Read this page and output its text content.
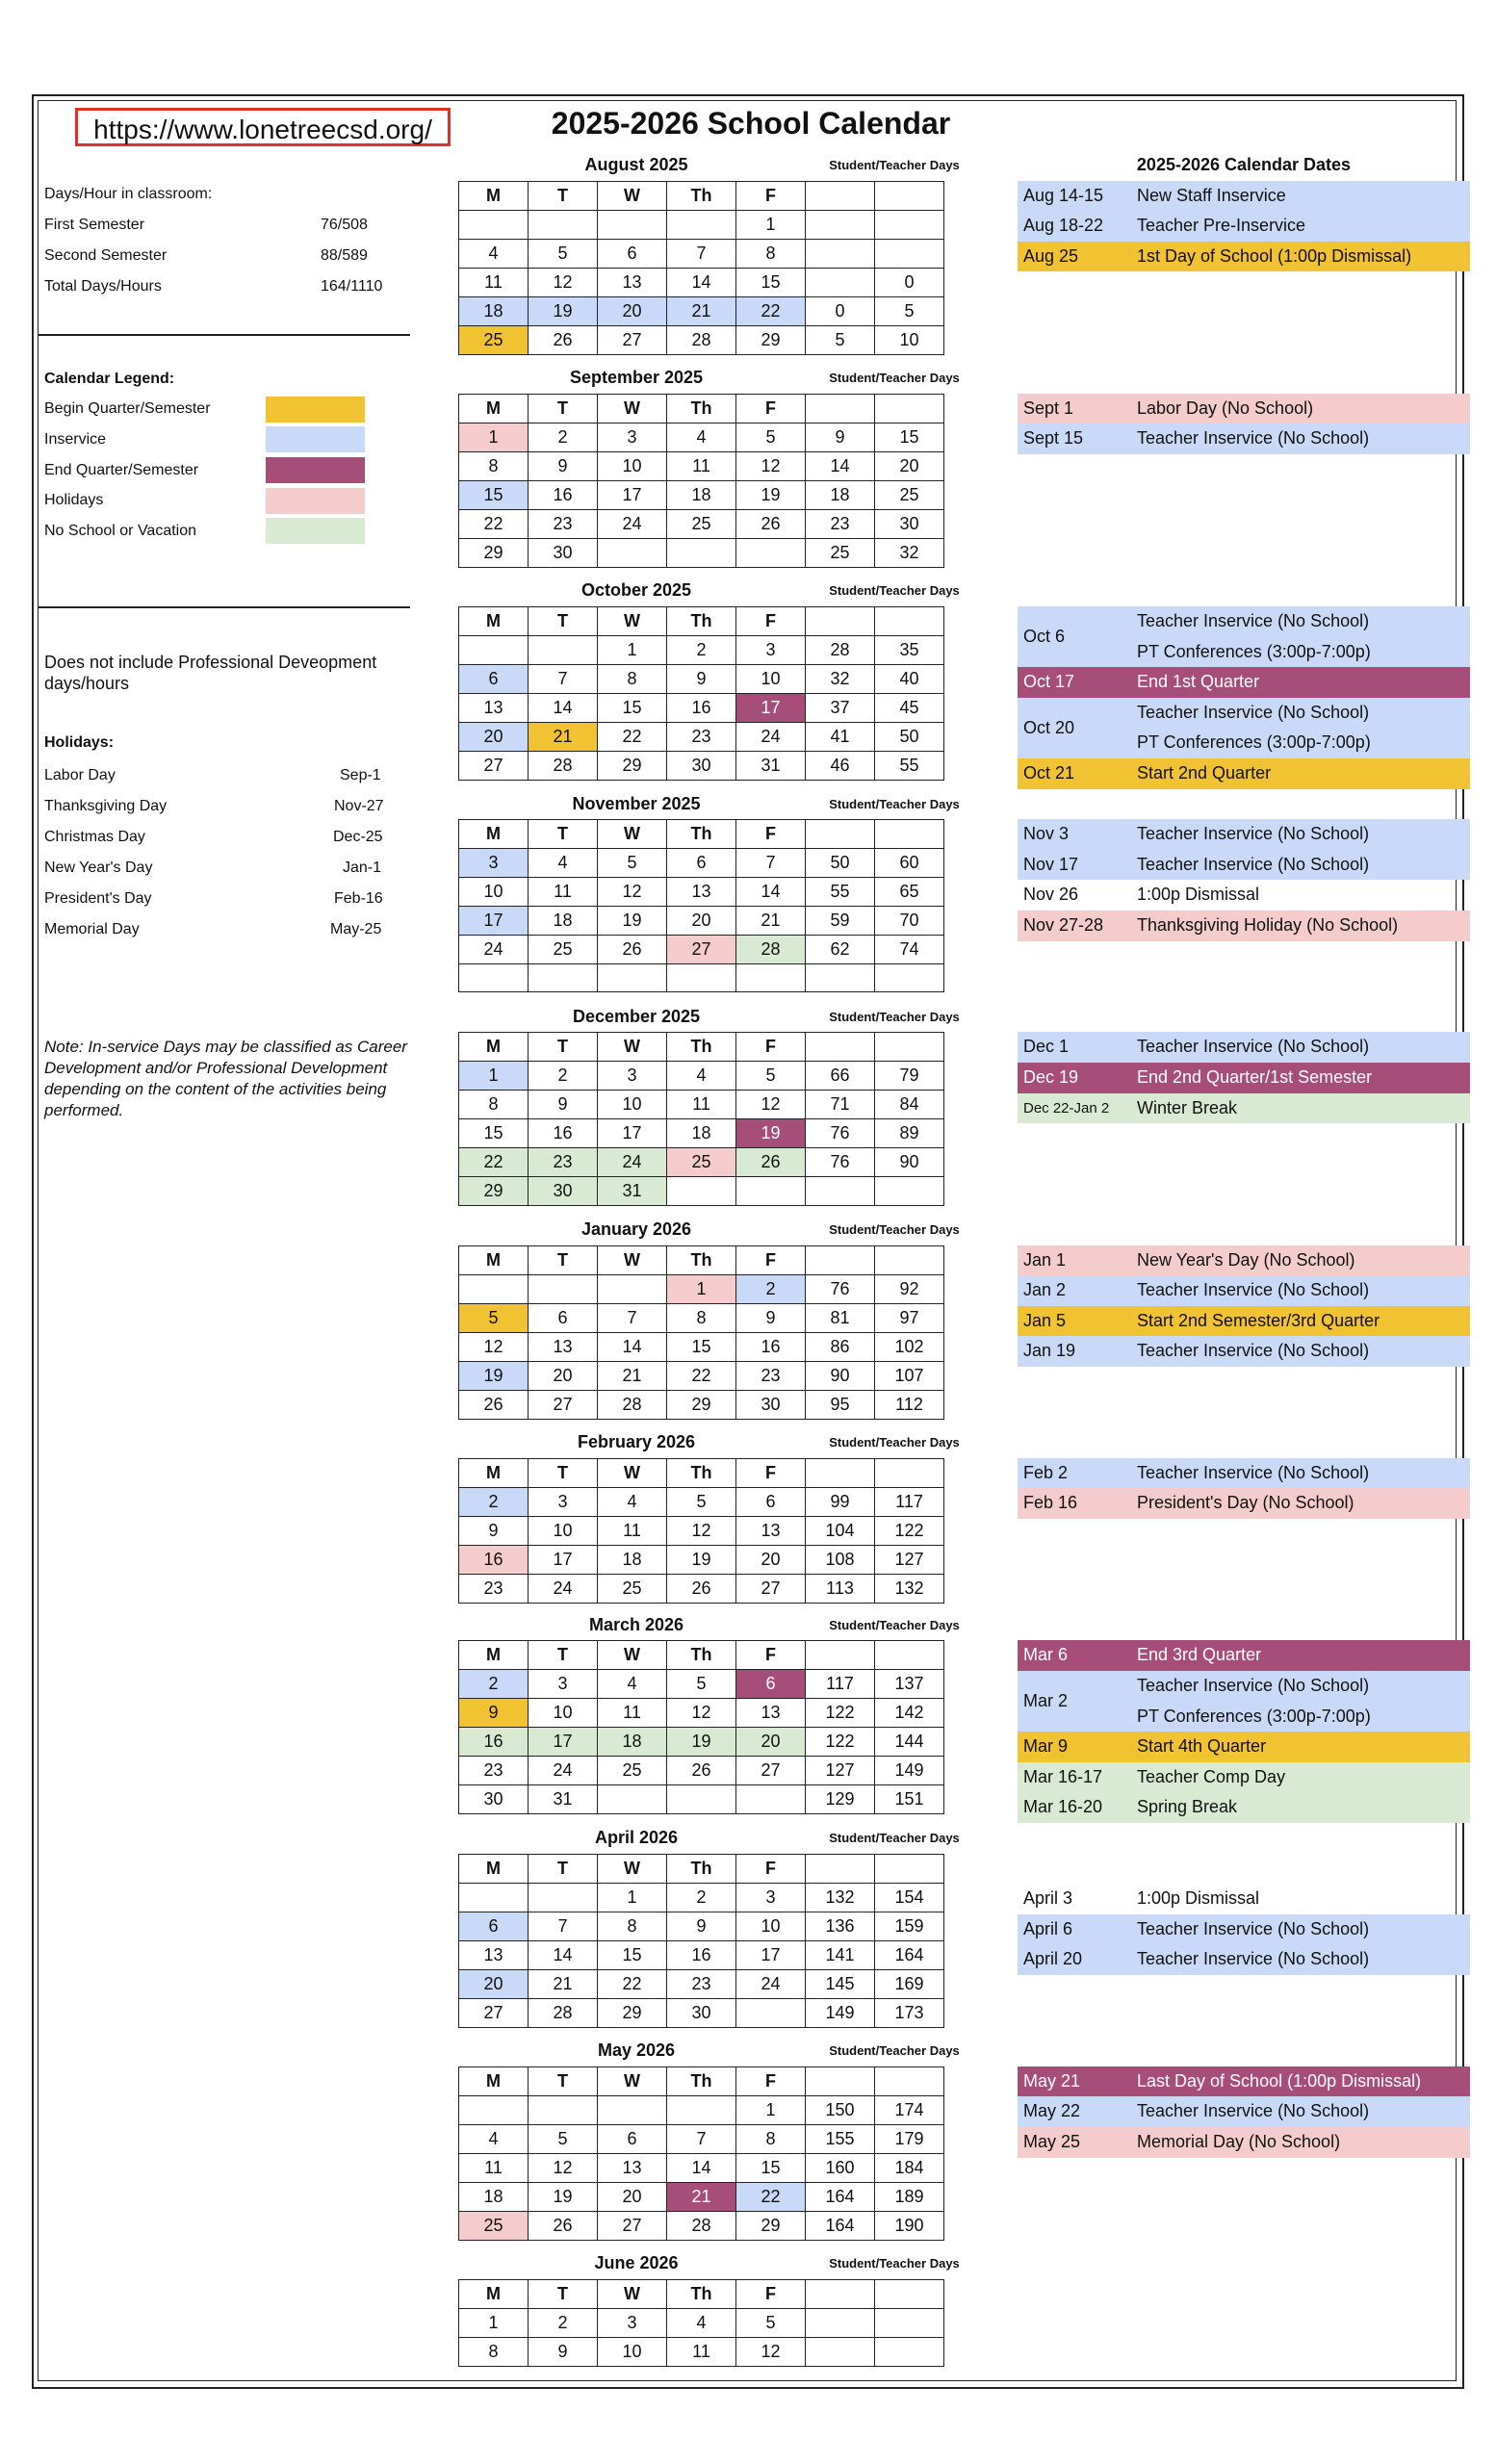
https://www.lonetreecsd.org/	2025-2026 School Calendar
Days/Hour in classroom:
First Semester	76/508
Second Semester	88/589
Total Days/Hours	164/1110
Calendar Legend:
Begin Quarter/Semester
Inservice
End Quarter/Semester
Holidays
No School or Vacation
Does not include Professional Deveopment days/hours
Holidays:
Labor Day	Sep-1
Thanksgiving Day	Nov-27
Christmas Day	Dec-25
New Year's Day	Jan-1
President's Day	Feb-16
Memorial Day	May-25
Note: In-service Days may be classified as Career Development and/or Professional Development depending on the content of the activities being performed.
August 2025	Student/Teacher Days
M	T	W	Th	F		
				1		
4	5	6	7	8		
11	12	13	14	15		0
18	19	20	21	22	0	5
25	26	27	28	29	5	10
September 2025	Student/Teacher Days
M	T	W	Th	F		
1	2	3	4	5	9	15
8	9	10	11	12	14	20
15	16	17	18	19	18	25
22	23	24	25	26	23	30
29	30				25	32
October 2025	Student/Teacher Days
M	T	W	Th	F		
		1	2	3	28	35
6	7	8	9	10	32	40
13	14	15	16	17	37	45
20	21	22	23	24	41	50
27	28	29	30	31	46	55
November 2025	Student/Teacher Days
M	T	W	Th	F		
3	4	5	6	7	50	60
10	11	12	13	14	55	65
17	18	19	20	21	59	70
24	25	26	27	28	62	74

December 2025	Student/Teacher Days
M	T	W	Th	F		
1	2	3	4	5	66	79
8	9	10	11	12	71	84
15	16	17	18	19	76	89
22	23	24	25	26	76	90
29	30	31				
January 2026	Student/Teacher Days
M	T	W	Th	F		
			1	2	76	92
5	6	7	8	9	81	97
12	13	14	15	16	86	102
19	20	21	22	23	90	107
26	27	28	29	30	95	112
February 2026	Student/Teacher Days
M	T	W	Th	F		
2	3	4	5	6	99	117
9	10	11	12	13	104	122
16	17	18	19	20	108	127
23	24	25	26	27	113	132
March 2026	Student/Teacher Days
M	T	W	Th	F		
2	3	4	5	6	117	137
9	10	11	12	13	122	142
16	17	18	19	20	122	144
23	24	25	26	27	127	149
30	31				129	151
April 2026	Student/Teacher Days
M	T	W	Th	F		
		1	2	3	132	154
6	7	8	9	10	136	159
13	14	15	16	17	141	164
20	21	22	23	24	145	169
27	28	29	30		149	173
May 2026	Student/Teacher Days
M	T	W	Th	F		
				1	150	174
4	5	6	7	8	155	179
11	12	13	14	15	160	184
18	19	20	21	22	164	189
25	26	27	28	29	164	190
June 2026	Student/Teacher Days
M	T	W	Th	F		
1	2	3	4	5		
8	9	10	11	12		
2025-2026 Calendar Dates
Aug 14-15 New Staff Inservice
Aug 18-22 Teacher Pre-Inservice
Aug 25	1st Day of School (1:00p Dismissal)
Sept 1	Labor Day (No School)
Sept 15	Teacher Inservice (No School)
Oct 6
Teacher Inservice (No School)
PT Conferences (3:00p-7:00p)
Oct 17	End 1st Quarter
Oct 20
Teacher Inservice (No School)
PT Conferences (3:00p-7:00p)
Oct 21	Start 2nd Quarter
Nov 3	Teacher Inservice (No School)
Nov 17	Teacher Inservice (No School)
Nov 26	1:00p Dismissal
Nov 27-28 Thanksgiving Holiday (No School)
Dec 1	Teacher Inservice (No School)
Dec 19	End 2nd Quarter/1st Semester
Dec 22-Jan 2 Winter Break
Jan 1	New Year's Day (No School)
Jan 2	Teacher Inservice (No School)
Jan 5	Start 2nd Semester/3rd Quarter
Jan 19	Teacher Inservice (No School)
Feb 2	Teacher Inservice (No School)
Feb 16	President's Day (No School)
Mar 6	End 3rd Quarter
Mar 2
Teacher Inservice (No School)
PT Conferences (3:00p-7:00p)
Mar 9	Start 4th Quarter
Mar 16-17 Teacher Comp Day
Mar 16-20 Spring Break
April 3	1:00p Dismissal
April 6	Teacher Inservice (No School)
April 20	Teacher Inservice (No School)
May 21	Last Day of School (1:00p Dismissal)
May 22	Teacher Inservice (No School)
May 25	Memorial Day (No School)
